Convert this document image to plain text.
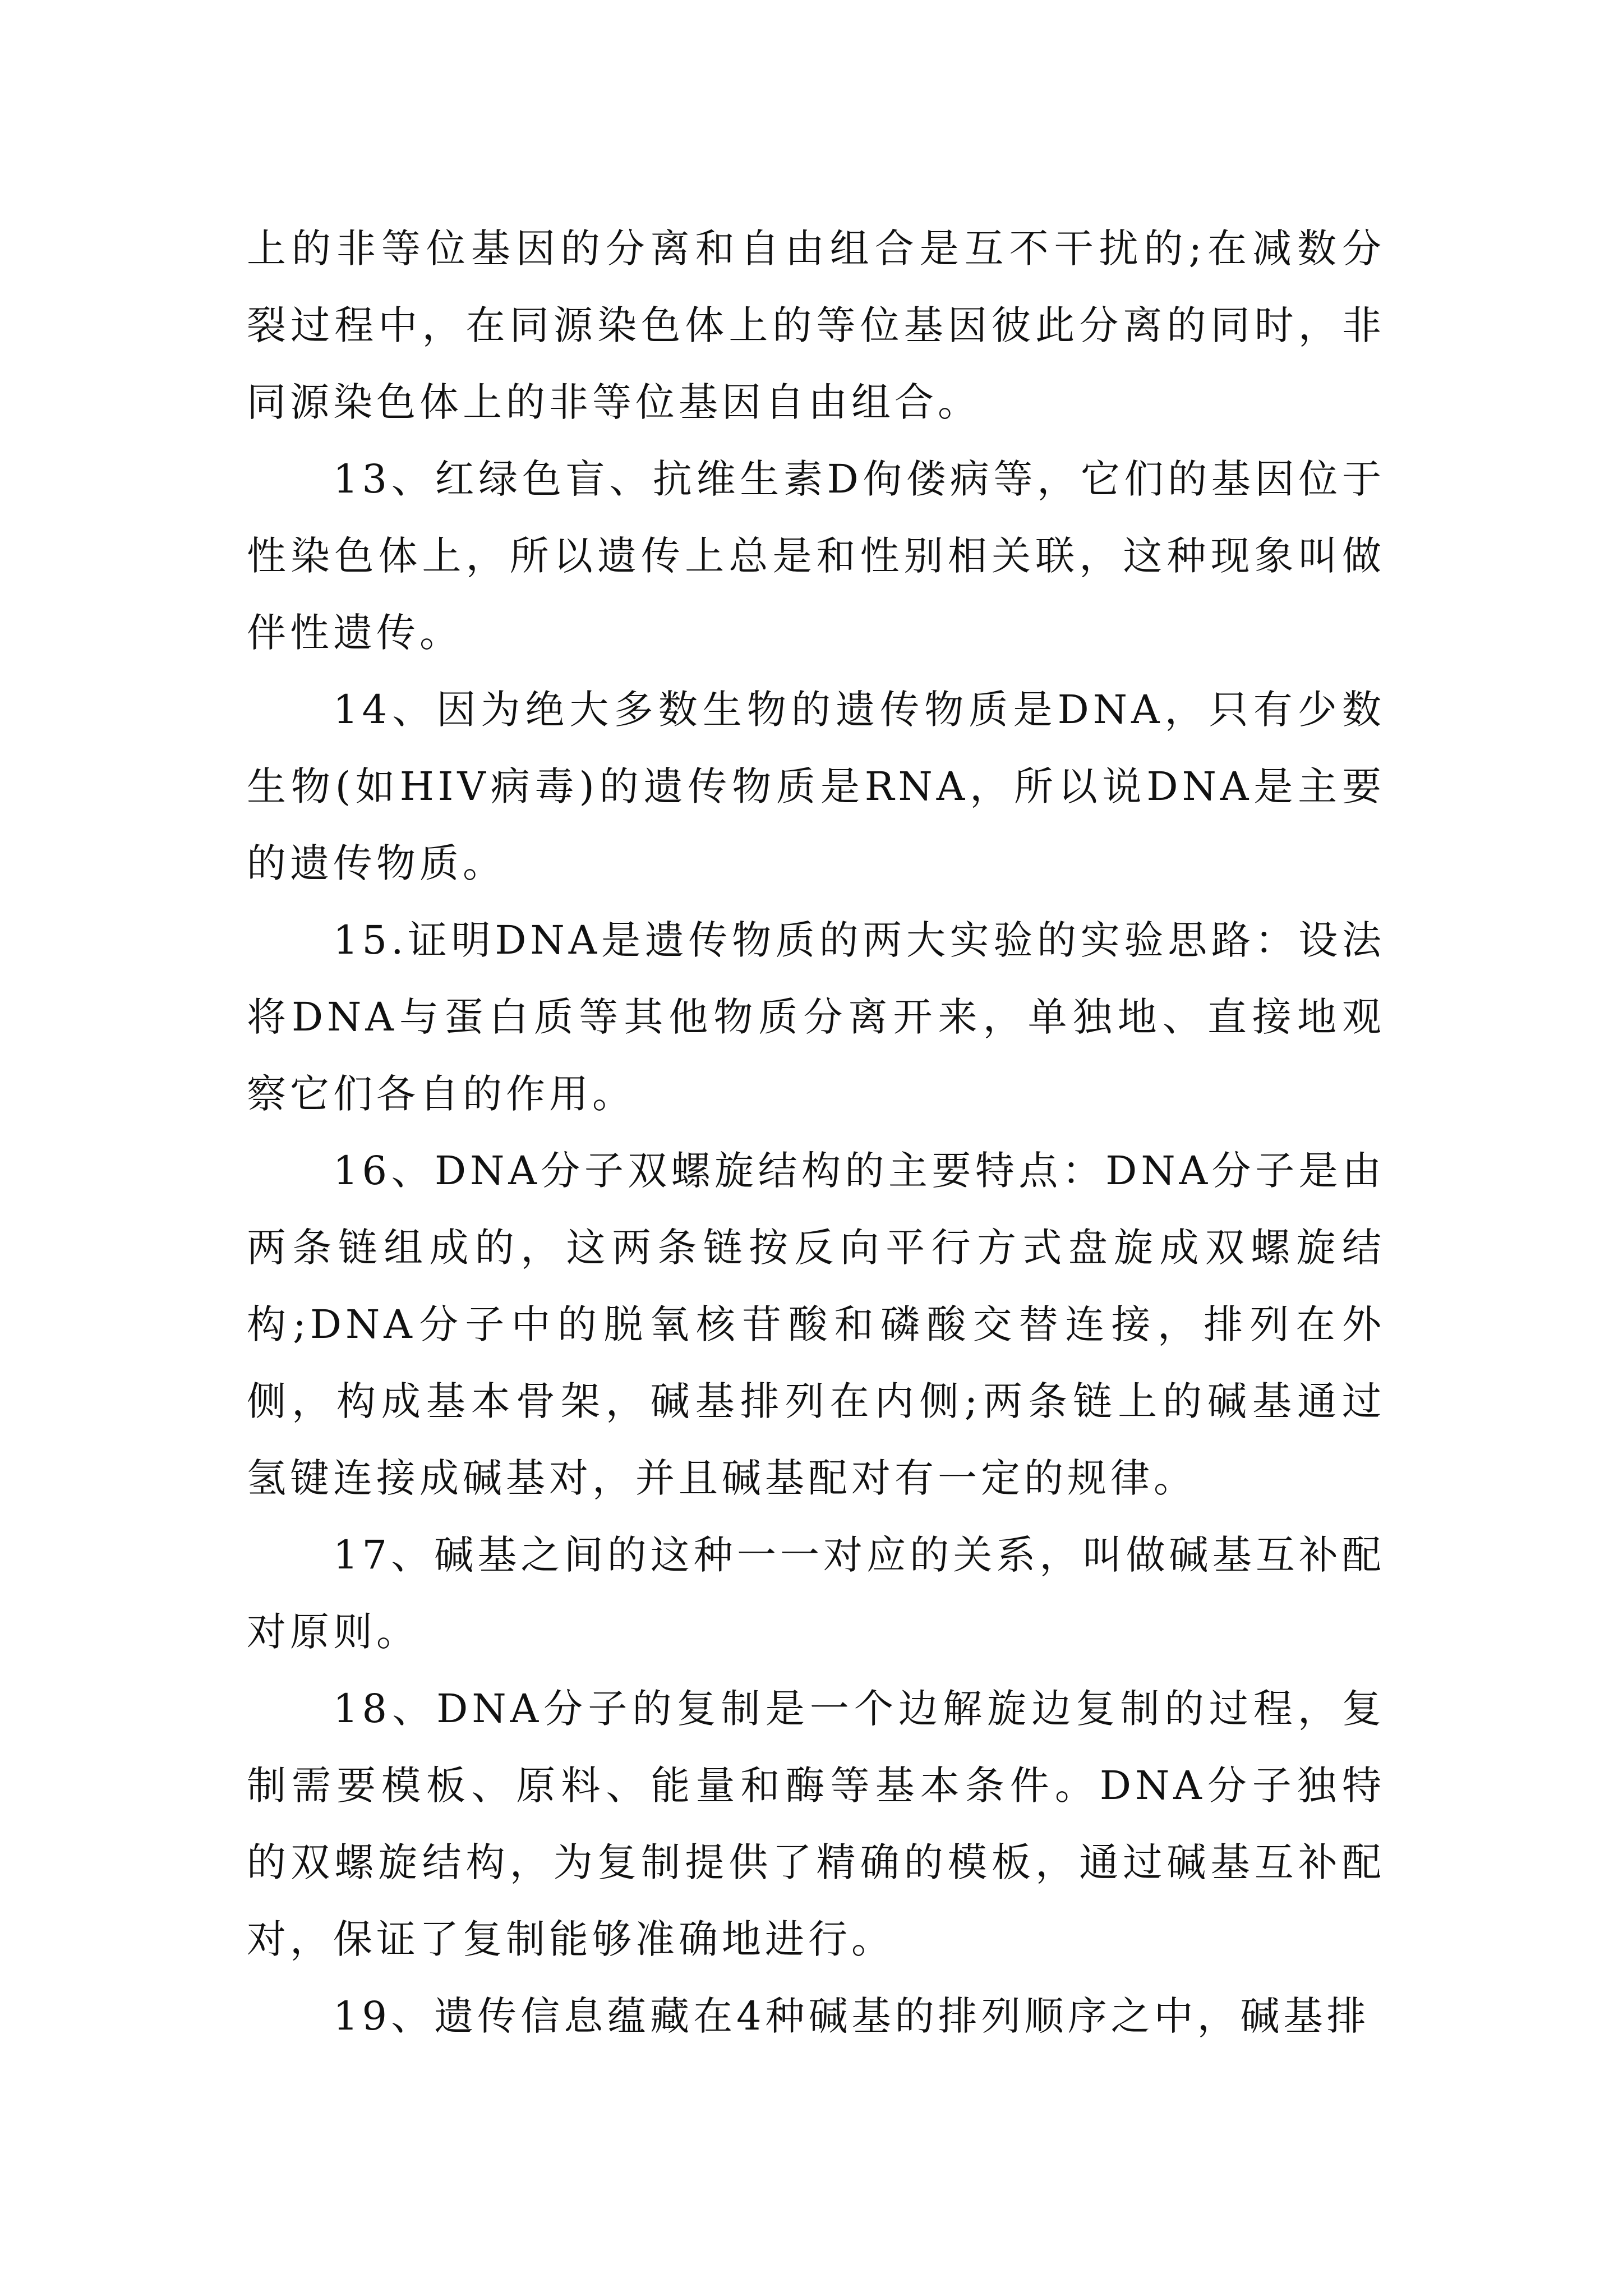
上的非等位基因的分离和自由组合是互不干扰的;在减数分裂过程中，在同源染色体上的等位基因彼此分离的同时，非同源染色体上的非等位基因自由组合。

13、红绿色盲、抗维生素D佝偻病等，它们的基因位于性染色体上，所以遗传上总是和性别相关联，这种现象叫做伴性遗传。

14、因为绝大多数生物的遗传物质是DNA，只有少数生物(如HIV病毒)的遗传物质是RNA，所以说DNA是主要的遗传物质。

15.证明DNA是遗传物质的两大实验的实验思路：设法将DNA与蛋白质等其他物质分离开来，单独地、直接地观察它们各自的作用。

16、DNA分子双螺旋结构的主要特点：DNA分子是由两条链组成的，这两条链按反向平行方式盘旋成双螺旋结构;DNA分子中的脱氧核苷酸和磷酸交替连接，排列在外侧，构成基本骨架，碱基排列在内侧;两条链上的碱基通过氢键连接成碱基对，并且碱基配对有一定的规律。

17、碱基之间的这种一一对应的关系，叫做碱基互补配对原则。

18、DNA分子的复制是一个边解旋边复制的过程，复制需要模板、原料、能量和酶等基本条件。DNA分子独特的双螺旋结构，为复制提供了精确的模板，通过碱基互补配对，保证了复制能够准确地进行。

19、遗传信息蕴藏在4种碱基的排列顺序之中，碱基排
